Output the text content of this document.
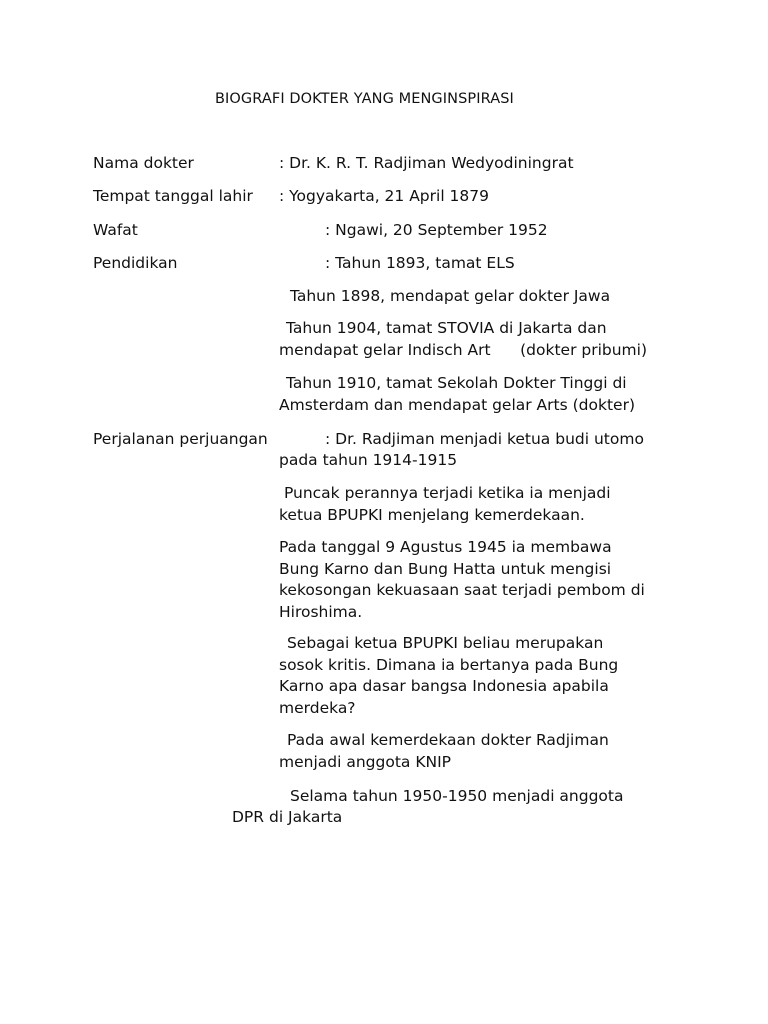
BIOGRAFI DOKTER YANG MENGINSPIRASI
Nama dokter	: Dr. K. R. T. Radjiman Wedyodiningrat
Tempat tanggal lahir : Yogyakarta, 21 April 1879
Wafat	: Ngawi, 20 September 1952
Pendidikan	: Tahun 1893, tamat ELS
Tahun 1898, mendapat gelar dokter Jawa
Tahun 1904, tamat STOVIA di Jakarta dan
mendapat gelar Indisch Art      (dokter pribumi)
Tahun 1910, tamat Sekolah Dokter Tinggi di
Amsterdam dan mendapat gelar Arts (dokter)
Perjalanan perjuangan	: Dr. Radjiman menjadi ketua budi utomo
pada tahun 1914-1915
Puncak perannya terjadi ketika ia menjadi
ketua BPUPKI menjelang kemerdekaan.
Pada tanggal 9 Agustus 1945 ia membawa
Bung Karno dan Bung Hatta untuk mengisi
kekosongan kekuasaan saat terjadi pembom di
Hiroshima.
Sebagai ketua BPUPKI beliau merupakan
sosok kritis. Dimana ia bertanya pada Bung
Karno apa dasar bangsa Indonesia apabila
merdeka?
Pada awal kemerdekaan dokter Radjiman
menjadi anggota KNIP
Selama tahun 1950-1950 menjadi anggota
DPR di Jakarta
